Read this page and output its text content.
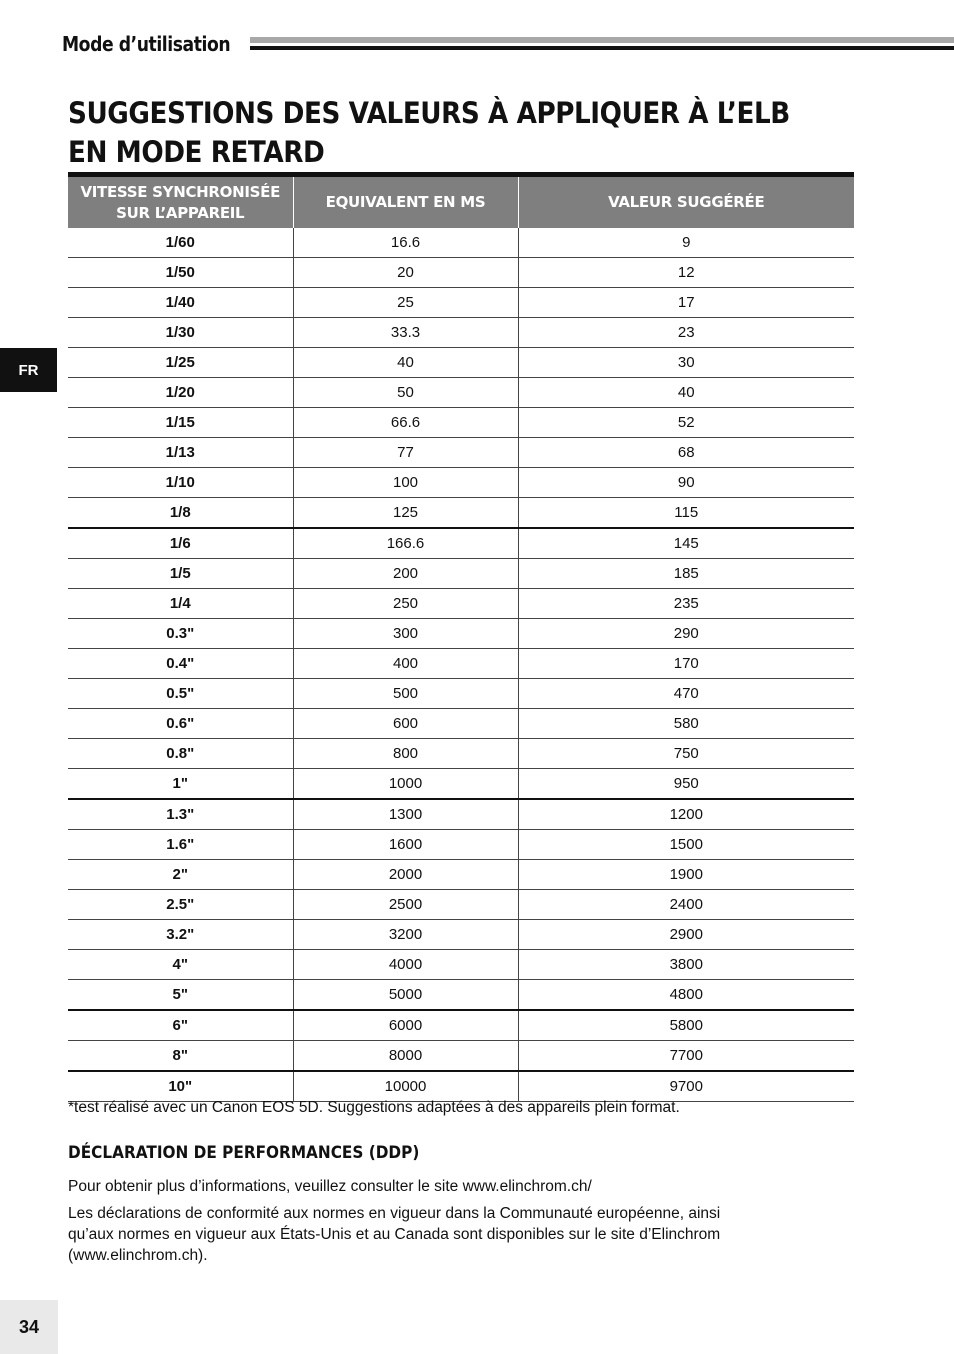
Mode d’utilisation
SUGGESTIONS DES VALEURS À APPLIQUER À L’ELB EN MODE RETARD
FR
VITESSE SYNCHRONISÉE SUR L’APPAREIL	EQUIVALENT EN MS	VALEUR SUGGÉRÉE
1/60	16.6	9
1/50	20	12
1/40	25	17
1/30	33.3	23
1/25	40	30
1/20	50	40
1/15	66.6	52
1/13	77	68
1/10	100	90
1/8	125	115
1/6	166.6	145
1/5	200	185
1/4	250	235
0.3"	300	290
0.4"	400	170
0.5"	500	470
0.6"	600	580
0.8"	800	750
1"	1000	950
1.3"	1300	1200
1.6"	1600	1500
2"	2000	1900
2.5"	2500	2400
3.2"	3200	2900
4"	4000	3800
5"	5000	4800
6"	6000	5800
8"	8000	7700
10"	10000	9700

*test réalisé avec un Canon EOS 5D. Suggestions adaptées à des appareils plein format.

DÉCLARATION DE PERFORMANCES (DDP)

Pour obtenir plus d’informations, veuillez consulter le site www.elinchrom.ch/

Les déclarations de conformité aux normes en vigueur dans la Communauté européenne, ainsi qu’aux normes en vigueur aux États-Unis et au Canada sont disponibles sur le site d’Elinchrom (www.elinchrom.ch).

34
